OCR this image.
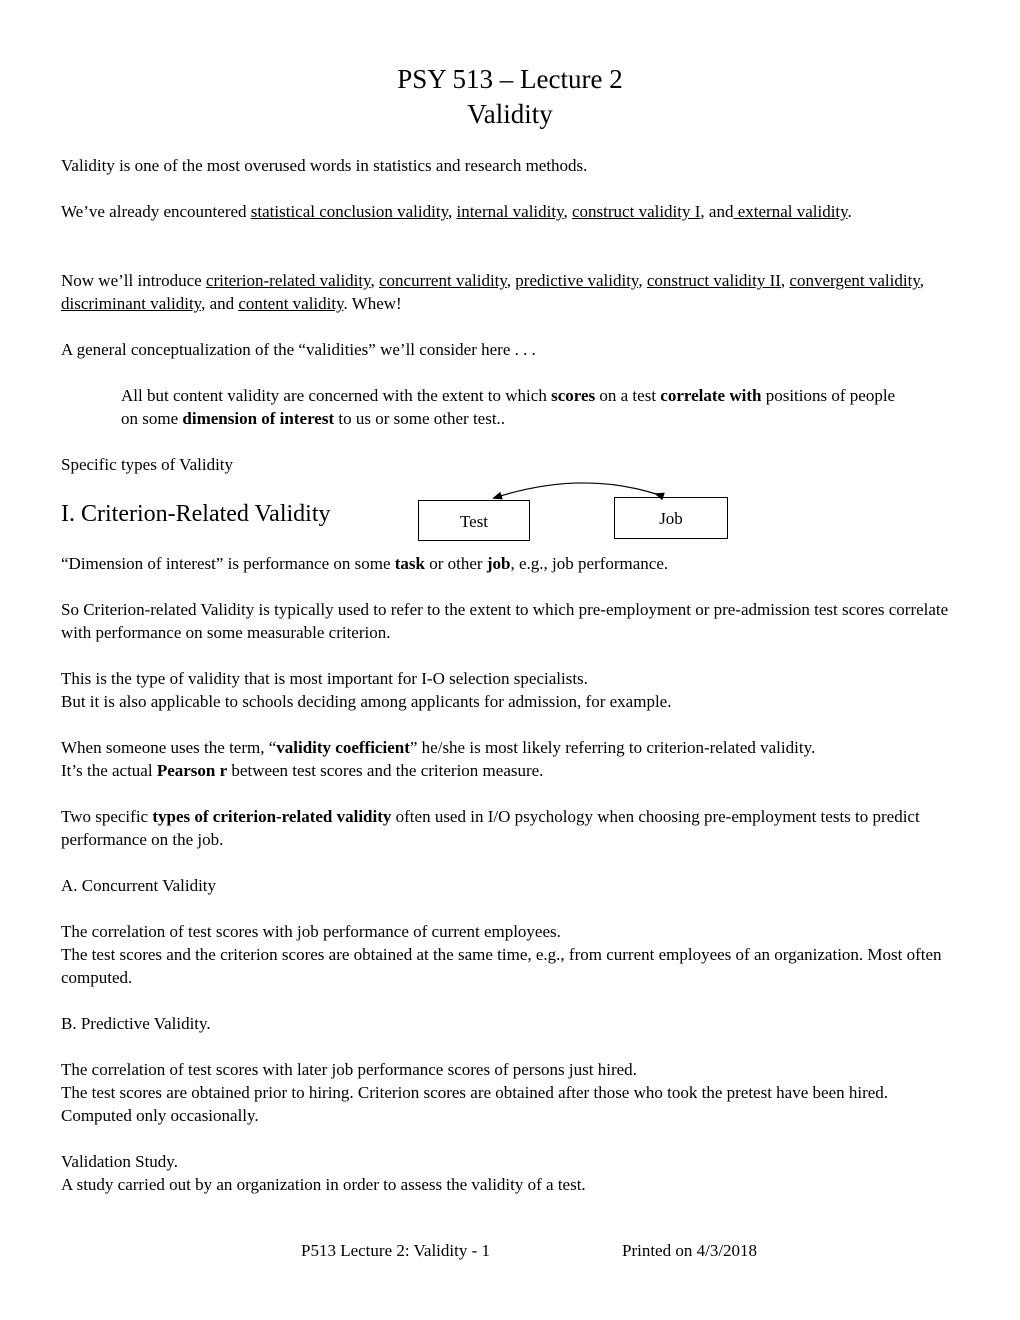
PSY 513 – Lecture 2
Validity

Validity is one of the most overused words in statistics and research methods.

We’ve already encountered statistical conclusion validity, internal validity, construct validity I, and external validity.

Now we’ll introduce criterion-related validity, concurrent validity, predictive validity, construct validity II, convergent validity, discriminant validity, and content validity. Whew!

A general conceptualization of the “validities” we’ll consider here . . .

All but content validity are concerned with the extent to which scores on a test correlate with positions of people on some dimension of interest to us or some other test..

Specific types of Validity

I. Criterion-Related Validity	Test	Job

“Dimension of interest” is performance on some task or other job, e.g., job performance.

So Criterion-related Validity is typically used to refer to the extent to which pre-employment or pre-admission test scores correlate with performance on some measurable criterion.

This is the type of validity that is most important for I-O selection specialists.
But it is also applicable to schools deciding among applicants for admission, for example.

When someone uses the term, “validity coefficient” he/she is most likely referring to criterion-related validity.
It’s the actual Pearson r between test scores and the criterion measure.

Two specific types of criterion-related validity often used in I/O psychology when choosing pre-employment tests to predict performance on the job.

A. Concurrent Validity

The correlation of test scores with job performance of current employees.
The test scores and the criterion scores are obtained at the same time, e.g., from current employees of an organization. Most often computed.

B. Predictive Validity.

The correlation of test scores with later job performance scores of persons just hired.
The test scores are obtained prior to hiring. Criterion scores are obtained after those who took the pretest have been hired. Computed only occasionally.

Validation Study.
A study carried out by an organization in order to assess the validity of a test.

P513 Lecture 2: Validity - 1	Printed on 4/3/2018
